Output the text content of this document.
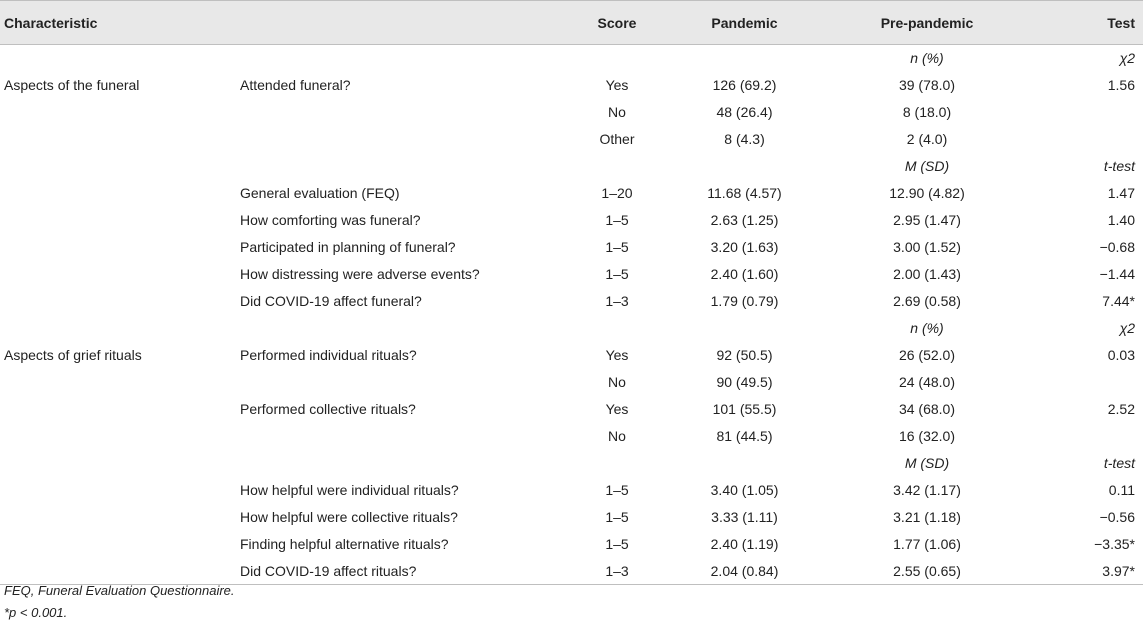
Characteristic		Score	Pandemic	Pre-pandemic	Test
				n (%)	χ2
Aspects of the funeral	Attended funeral?	Yes	126 (69.2)	39 (78.0)	1.56
		No	48 (26.4)	8 (18.0)	
		Other	8 (4.3)	2 (4.0)	
				M (SD)	t-test
	General evaluation (FEQ)	1–20	11.68 (4.57)	12.90 (4.82)	1.47
	How comforting was funeral?	1–5	2.63 (1.25)	2.95 (1.47)	1.40
	Participated in planning of funeral?	1–5	3.20 (1.63)	3.00 (1.52)	−0.68
	How distressing were adverse events?	1–5	2.40 (1.60)	2.00 (1.43)	−1.44
	Did COVID-19 affect funeral?	1–3	1.79 (0.79)	2.69 (0.58)	7.44*
				n (%)	χ2
Aspects of grief rituals	Performed individual rituals?	Yes	92 (50.5)	26 (52.0)	0.03
		No	90 (49.5)	24 (48.0)	
	Performed collective rituals?	Yes	101 (55.5)	34 (68.0)	2.52
		No	81 (44.5)	16 (32.0)	
				M (SD)	t-test
	How helpful were individual rituals?	1–5	3.40 (1.05)	3.42 (1.17)	0.11
	How helpful were collective rituals?	1–5	3.33 (1.11)	3.21 (1.18)	−0.56
	Finding helpful alternative rituals?	1–5	2.40 (1.19)	1.77 (1.06)	−3.35*
	Did COVID-19 affect rituals?	1–3	2.04 (0.84)	2.55 (0.65)	3.97*
FEQ, Funeral Evaluation Questionnaire.
*p < 0.001.
